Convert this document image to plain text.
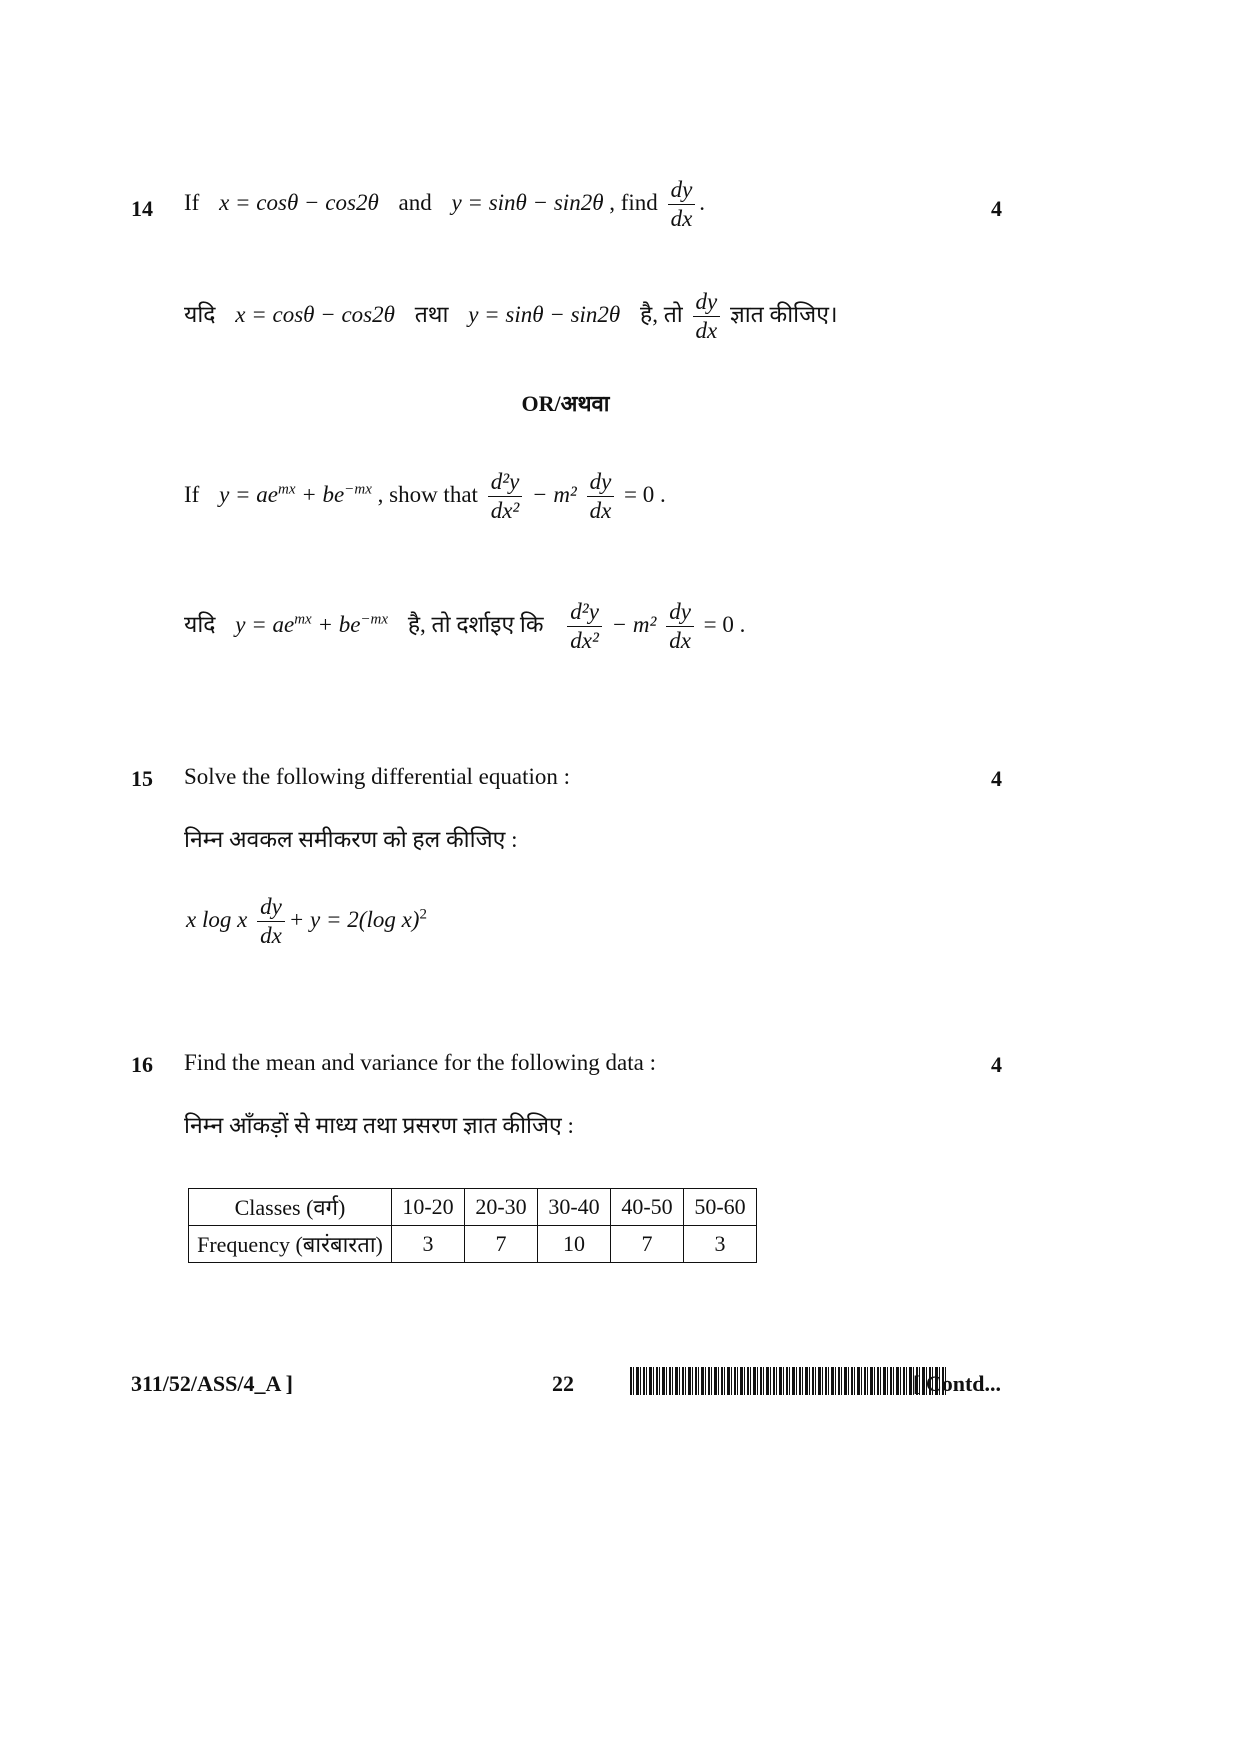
14 If x = cosθ − cos2θ and y = sinθ − sin2θ , find $\frac{dy}{dx}$ .	4
यदि x = cosθ − cos2θ तथा y = sinθ − sin2θ है, तो $\frac{dy}{dx}$ ज्ञात कीजिए।
OR/अथवा
If $y = ae^{mx} + be^{-mx}$ , show that $\frac{\text{d²y}}{\text{dx²}} - m^2 \frac{dy}{dx} = 0$ .
यदि $y = ae^{mx} + be^{-mx}$ है, तो दर्शाइए कि $\frac{\text{d²y}}{\text{dx²}} - m^2 \frac{dy}{dx} = 0$ .
15 Solve the following differential equation :	4
निम्न अवकल समीकरण को हल कीजिए :
x log x $\frac{dy}{dx} + y = 2(\log$ x)$^2$
16 Find the mean and variance for the following data :	4
निम्न आँकड़ों से माध्य तथा प्रसरण ज्ञात कीजिए :
Classes (वर्ग)	10-20	20-30	30-40	40-50	50-60
Frequency (बारंबारता)	3	7	10	7	3
311/52/ASS/4_A ]	22	[ Contd...
